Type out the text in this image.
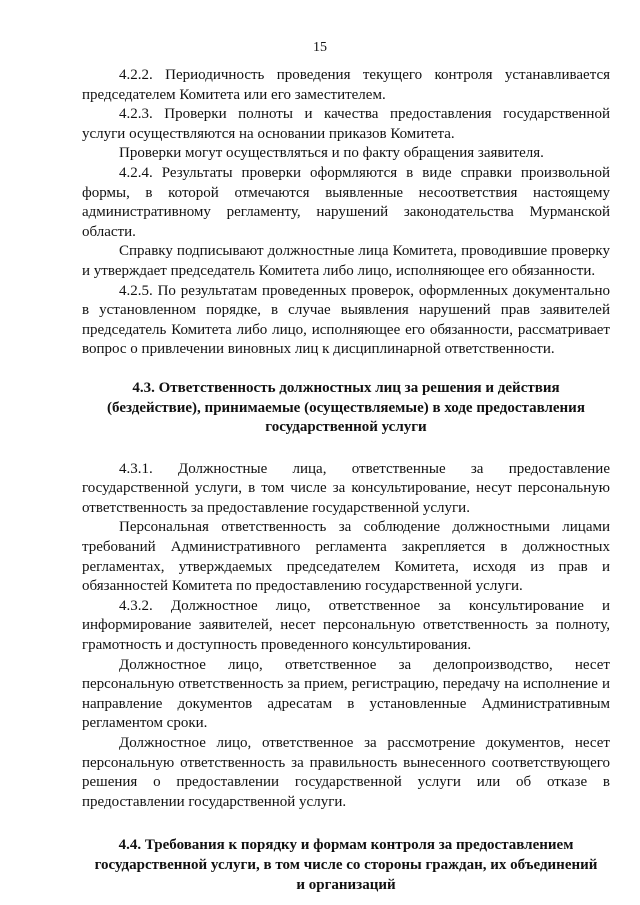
15

4.2.2. Периодичность проведения текущего контроля устанавливается председателем Комитета или его заместителем.

4.2.3. Проверки полноты и качества предоставления государственной услуги осуществляются на основании приказов Комитета.

Проверки могут осуществляться и по факту обращения заявителя.

4.2.4. Результаты проверки оформляются в виде справки произвольной формы, в которой отмечаются выявленные несоответствия настоящему административному регламенту, нарушений законодательства Мурманской области.

Справку подписывают должностные лица Комитета, проводившие проверку и утверждает председатель Комитета либо лицо, исполняющее его обязанности.

4.2.5. По результатам проведенных проверок, оформленных документально в установленном порядке, в случае выявления нарушений прав заявителей председатель Комитета либо лицо, исполняющее его обязанности, рассматривает вопрос о привлечении виновных лиц к дисциплинарной ответственности.

4.3. Ответственность должностных лиц за решения и действия
(бездействие), принимаемые (осуществляемые) в ходе предоставления
государственной услуги

4.3.1. Должностные лица, ответственные за предоставление государственной услуги, в том числе за консультирование, несут персональную ответственность за предоставление государственной услуги.

Персональная ответственность за соблюдение должностными лицами требований Административного регламента закрепляется в должностных регламентах, утверждаемых председателем Комитета, исходя из прав и обязанностей Комитета по предоставлению государственной услуги.

4.3.2. Должностное лицо, ответственное за консультирование и информирование заявителей, несет персональную ответственность за полноту, грамотность и доступность проведенного консультирования.

Должностное лицо, ответственное за делопроизводство, несет персональную ответственность за прием, регистрацию, передачу на исполнение и направление документов адресатам в установленные Административным регламентом сроки.

Должностное лицо, ответственное за рассмотрение документов, несет персональную ответственность за правильность вынесенного соответствующего решения о предоставлении государственной услуги или об отказе в предоставлении государственной услуги.

4.4. Требования к порядку и формам контроля за предоставлением
государственной услуги, в том числе со стороны граждан, их объединений
и организаций
